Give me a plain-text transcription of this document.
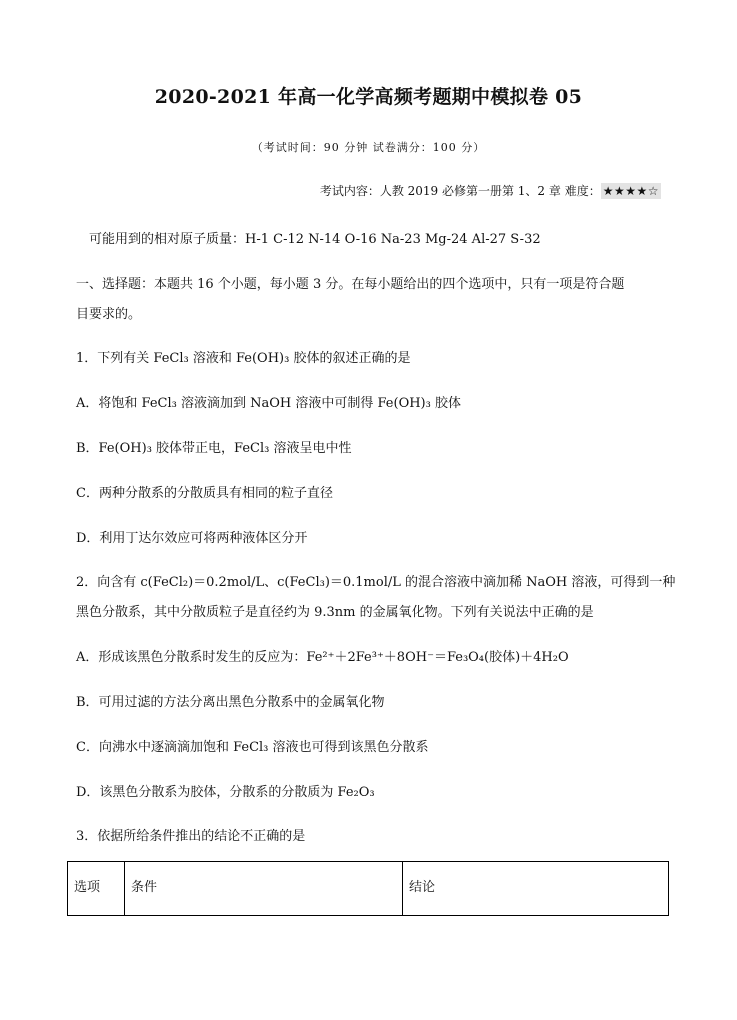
2020-2021 年高一化学高频考题期中模拟卷 05
（考试时间：90 分钟 试卷满分：100 分）
考试内容：人教 2019 必修第一册第 1、2 章 难度： ★★★★☆
可能用到的相对原子质量：H-1 C-12 N-14 O-16 Na-23 Mg-24 Al-27 S-32
一、选择题：本题共 16 个小题，每小题 3 分。在每小题给出的四个选项中，只有一项是符合题
目要求的。
1．下列有关 FeCl₃ 溶液和 Fe(OH)₃ 胶体的叙述正确的是
A．将饱和 FeCl₃ 溶液滴加到 NaOH 溶液中可制得 Fe(OH)₃ 胶体
B．Fe(OH)₃ 胶体带正电，FeCl₃ 溶液呈电中性
C．两种分散系的分散质具有相同的粒子直径
D．利用丁达尔效应可将两种液体区分开
2．向含有 c(FeCl₂)＝0.2mol/L、c(FeCl₃)＝0.1mol/L 的混合溶液中滴加稀 NaOH 溶液，可得到一种
黑色分散系，其中分散质粒子是直径约为 9.3nm 的金属氧化物。下列有关说法中正确的是
A．形成该黑色分散系时发生的反应为：Fe²⁺＋2Fe³⁺＋8OH⁻＝Fe₃O₄(胶体)＋4H₂O
B．可用过滤的方法分离出黑色分散系中的金属氧化物
C．向沸水中逐滴滴加饱和 FeCl₃ 溶液也可得到该黑色分散系
D．该黑色分散系为胶体，分散系的分散质为 Fe₂O₃
3．依据所给条件推出的结论不正确的是
选项	条件	结论
